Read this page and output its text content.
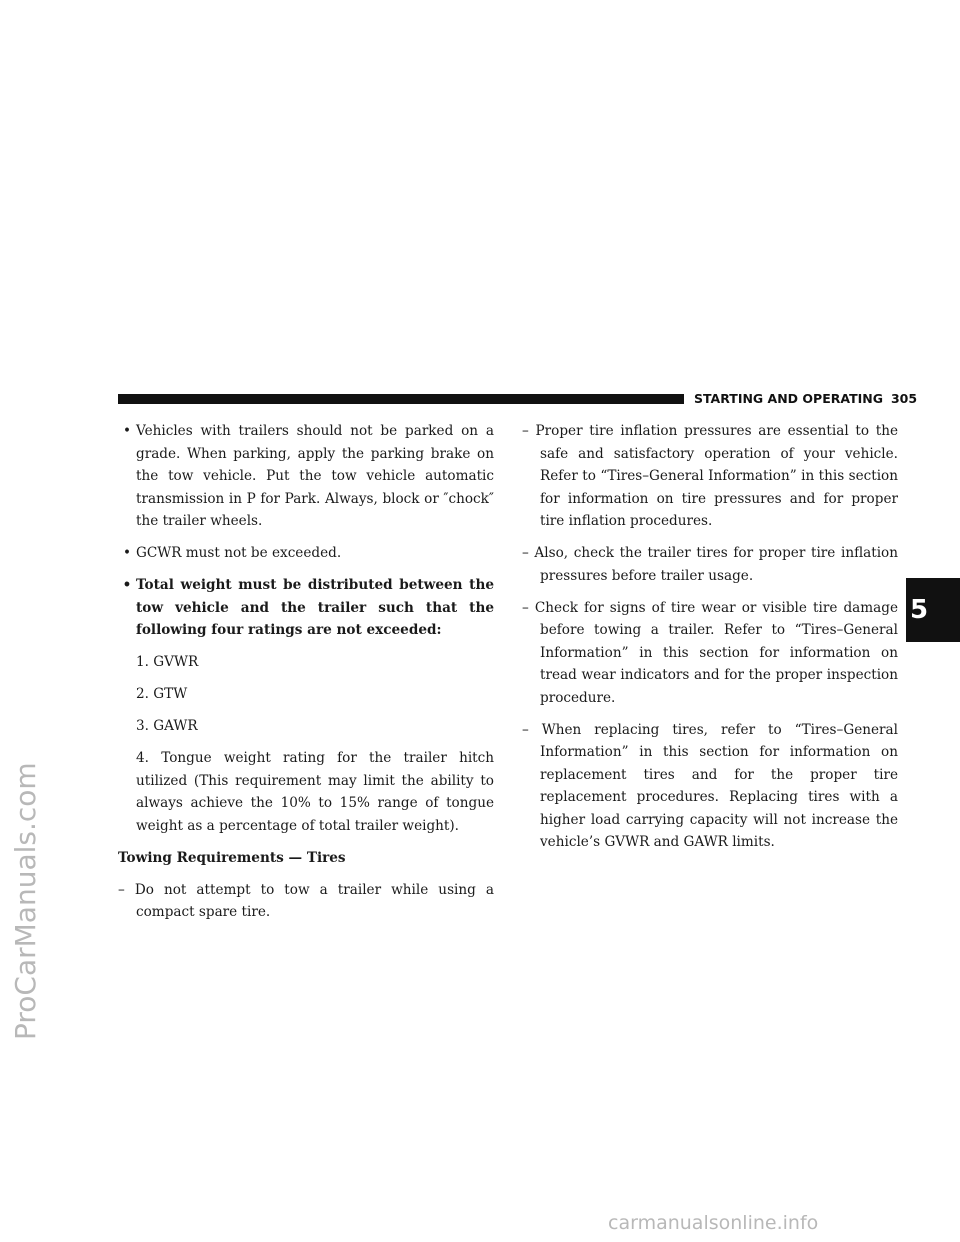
STARTING AND OPERATING 305
5
ProCarManuals.com
carmanualsonline.info

• Vehicles with trailers should not be parked on a grade. When parking, apply the parking brake on the tow vehicle. Put the tow vehicle automatic transmission in P for Park. Always, block or ″chock″ the trailer wheels.

• GCWR must not be exceeded.

• Total weight must be distributed between the tow vehicle and the trailer such that the following four ratings are not exceeded:

1. GVWR

2. GTW

3. GAWR

4. Tongue weight rating for the trailer hitch utilized (This requirement may limit the ability to always achieve the 10% to 15% range of tongue weight as a percentage of total trailer weight).

Towing Requirements — Tires

– Do not attempt to tow a trailer while using a compact spare tire.

– Proper tire inflation pressures are essential to the safe and satisfactory operation of your vehicle. Refer to “Tires–General Information” in this section for information on tire pressures and for proper tire inflation procedures.

– Also, check the trailer tires for proper tire inflation pressures before trailer usage.

– Check for signs of tire wear or visible tire damage before towing a trailer. Refer to “Tires–General Information” in this section for information on tread wear indicators and for the proper inspection procedure.

– When replacing tires, refer to “Tires–General Information” in this section for information on replacement tires and for the proper tire replacement procedures. Replacing tires with a higher load carrying capacity will not increase the vehicle’s GVWR and GAWR limits.
